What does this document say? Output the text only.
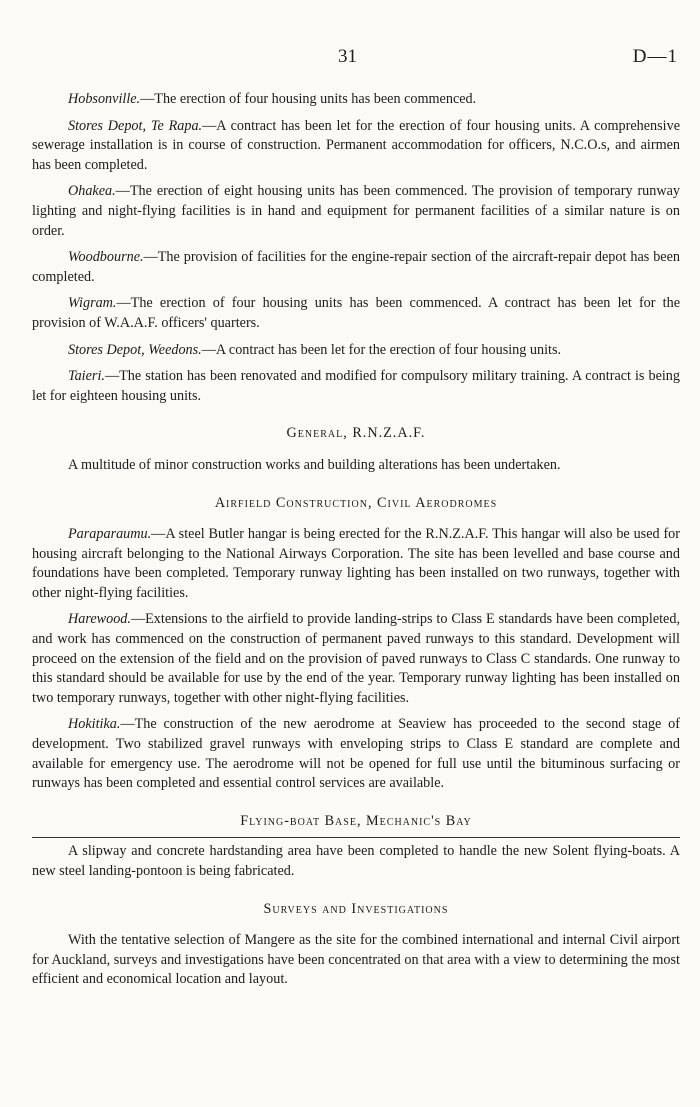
31	D—1

Hobsonville.—The erection of four housing units has been commenced.

Stores Depot, Te Rapa.—A contract has been let for the erection of four housing units. A comprehensive sewerage installation is in course of construction. Permanent accommodation for officers, N.C.O.s, and airmen has been completed.

Ohakea.—The erection of eight housing units has been commenced. The provision of temporary runway lighting and night-flying facilities is in hand and equipment for permanent facilities of a similar nature is on order.

Woodbourne.—The provision of facilities for the engine-repair section of the aircraft-repair depot has been completed.

Wigram.—The erection of four housing units has been commenced. A contract has been let for the provision of W.A.A.F. officers' quarters.

Stores Depot, Weedons.—A contract has been let for the erection of four housing units.

Taieri.—The station has been renovated and modified for compulsory military training. A contract is being let for eighteen housing units.

General, R.N.Z.A.F.

A multitude of minor construction works and building alterations has been undertaken.

Airfield Construction, Civil Aerodromes

Paraparaumu.—A steel Butler hangar is being erected for the R.N.Z.A.F. This hangar will also be used for housing aircraft belonging to the National Airways Corporation. The site has been levelled and base course and foundations have been completed. Temporary runway lighting has been installed on two runways, together with other night-flying facilities.

Harewood.—Extensions to the airfield to provide landing-strips to Class E standards have been completed, and work has commenced on the construction of permanent paved runways to this standard. Development will proceed on the extension of the field and on the provision of paved runways to Class C standards. One runway to this standard should be available for use by the end of the year. Temporary runway lighting has been installed on two temporary runways, together with other night-flying facilities.

Hokitika.—The construction of the new aerodrome at Seaview has proceeded to the second stage of development. Two stabilized gravel runways with enveloping strips to Class E standard are complete and available for emergency use. The aerodrome will not be opened for full use until the bituminous surfacing or runways has been completed and essential control services are available.

Flying-boat Base, Mechanic's Bay

A slipway and concrete hardstanding area have been completed to handle the new Solent flying-boats. A new steel landing-pontoon is being fabricated.

Surveys and Investigations

With the tentative selection of Mangere as the site for the combined international and internal Civil airport for Auckland, surveys and investigations have been concentrated on that area with a view to determining the most efficient and economical location and layout.
